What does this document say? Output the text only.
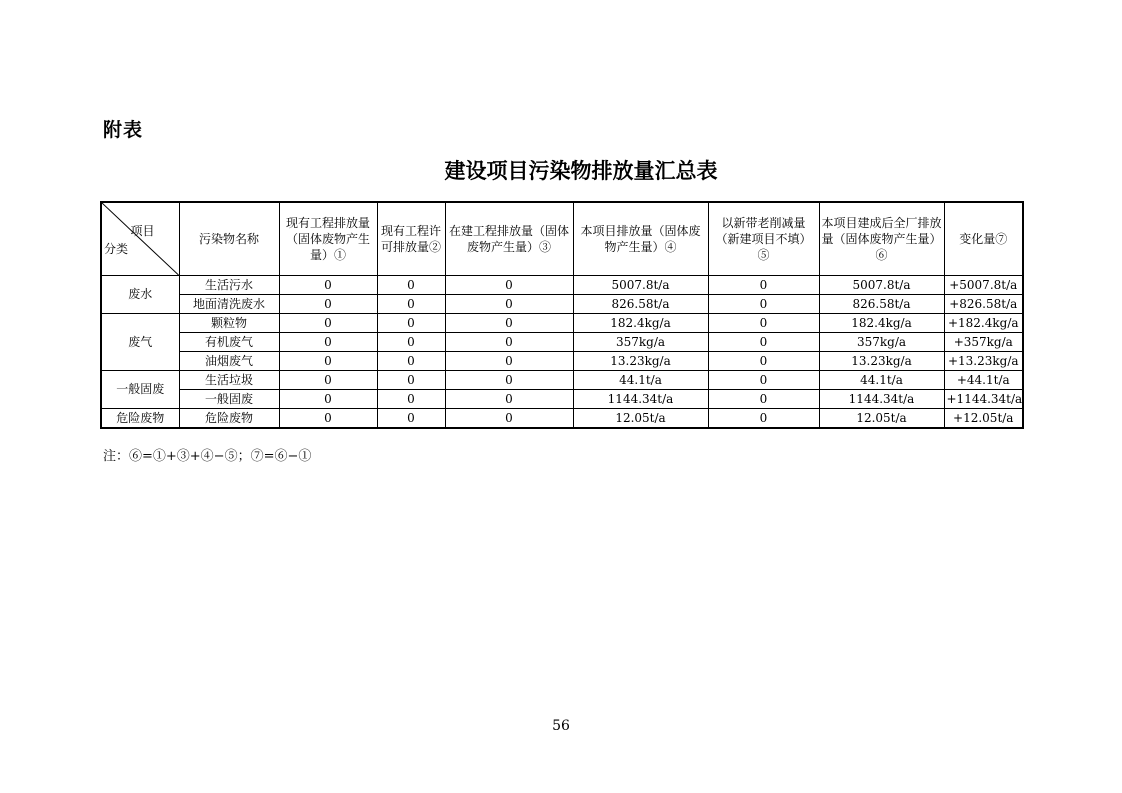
附表
建设项目污染物排放量汇总表
项目
分类	污染物名称	现有工程排放量（固体废物产生量）①	现有工程许可排放量②	在建工程排放量（固体废物产生量）③	本项目排放量（固体废物产生量）④	以新带老削减量（新建项目不填）⑤	本项目建成后全厂排放量（固体废物产生量）⑥	变化量⑦
废水	生活污水	0	0	0	5007.8t/a	0	5007.8t/a	+5007.8t/a
	地面清洗废水	0	0	0	826.58t/a	0	826.58t/a	+826.58t/a
废气	颗粒物	0	0	0	182.4kg/a	0	182.4kg/a	+182.4kg/a
	有机废气	0	0	0	357kg/a	0	357kg/a	+357kg/a
	油烟废气	0	0	0	13.23kg/a	0	13.23kg/a	+13.23kg/a
一般固废	生活垃圾	0	0	0	44.1t/a	0	44.1t/a	+44.1t/a
	一般固废	0	0	0	1144.34t/a	0	1144.34t/a	+1144.34t/a
危险废物	危险废物	0	0	0	12.05t/a	0	12.05t/a	+12.05t/a
注：⑥=①+③+④−⑤；⑦=⑥−①
56
